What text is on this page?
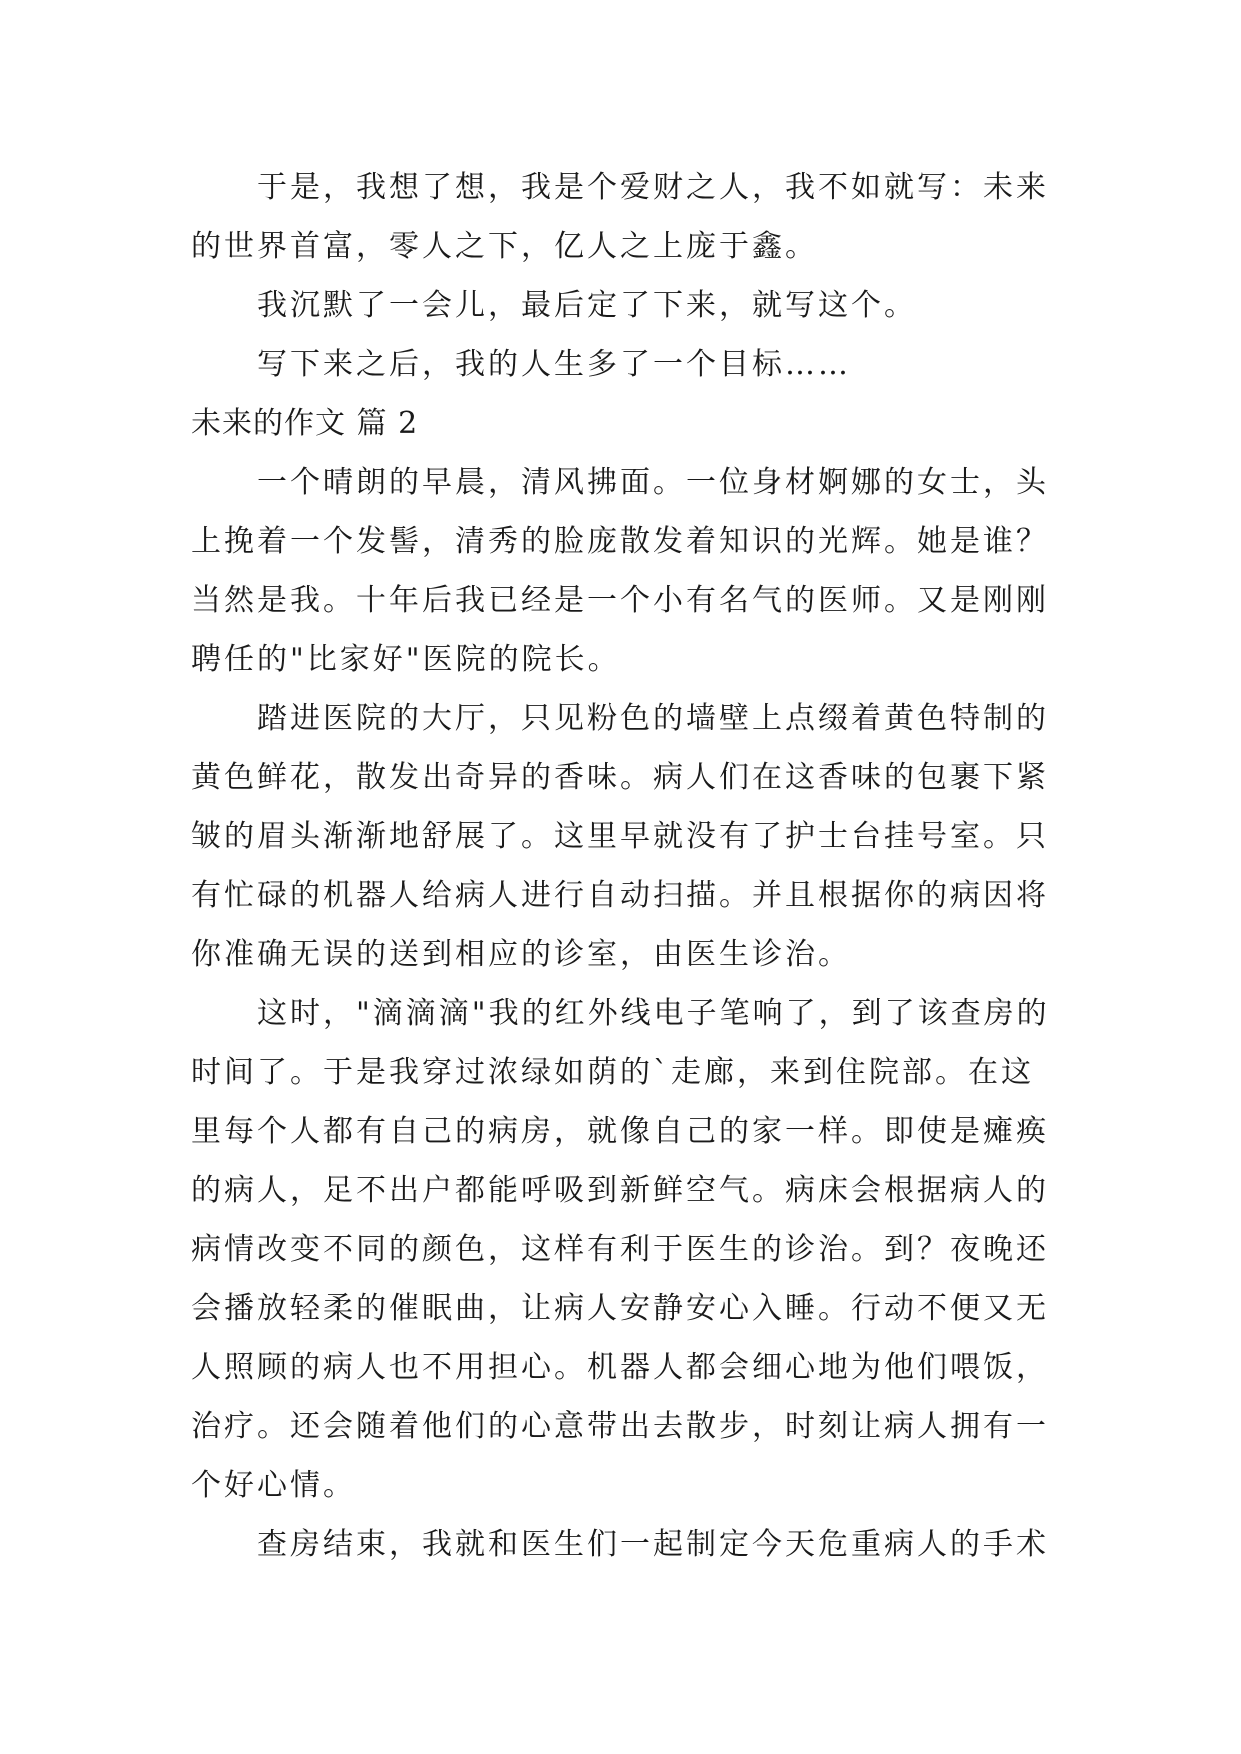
于是，我想了想，我是个爱财之人，我不如就写：未来
的世界首富，零人之下，亿人之上庞于鑫。
我沉默了一会儿，最后定了下来，就写这个。
写下来之后，我的人生多了一个目标……
未来的作文 篇 2
一个晴朗的早晨，清风拂面。一位身材婀娜的女士，头
上挽着一个发髻，清秀的脸庞散发着知识的光辉。她是谁？
当然是我。十年后我已经是一个小有名气的医师。又是刚刚
聘任的"比家好"医院的院长。
踏进医院的大厅，只见粉色的墙壁上点缀着黄色特制的
黄色鲜花，散发出奇异的香味。病人们在这香味的包裹下紧
皱的眉头渐渐地舒展了。这里早就没有了护士台挂号室。只
有忙碌的机器人给病人进行自动扫描。并且根据你的病因将
你准确无误的送到相应的诊室，由医生诊治。
这时，"滴滴滴"我的红外线电子笔响了，到了该查房的
时间了。于是我穿过浓绿如荫的`走廊，来到住院部。在这
里每个人都有自己的病房，就像自己的家一样。即使是瘫痪
的病人，足不出户都能呼吸到新鲜空气。病床会根据病人的
病情改变不同的颜色，这样有利于医生的诊治。到？夜晚还
会播放轻柔的催眠曲，让病人安静安心入睡。行动不便又无
人照顾的病人也不用担心。机器人都会细心地为他们喂饭，
治疗。还会随着他们的心意带出去散步，时刻让病人拥有一
个好心情。
查房结束，我就和医生们一起制定今天危重病人的手术
